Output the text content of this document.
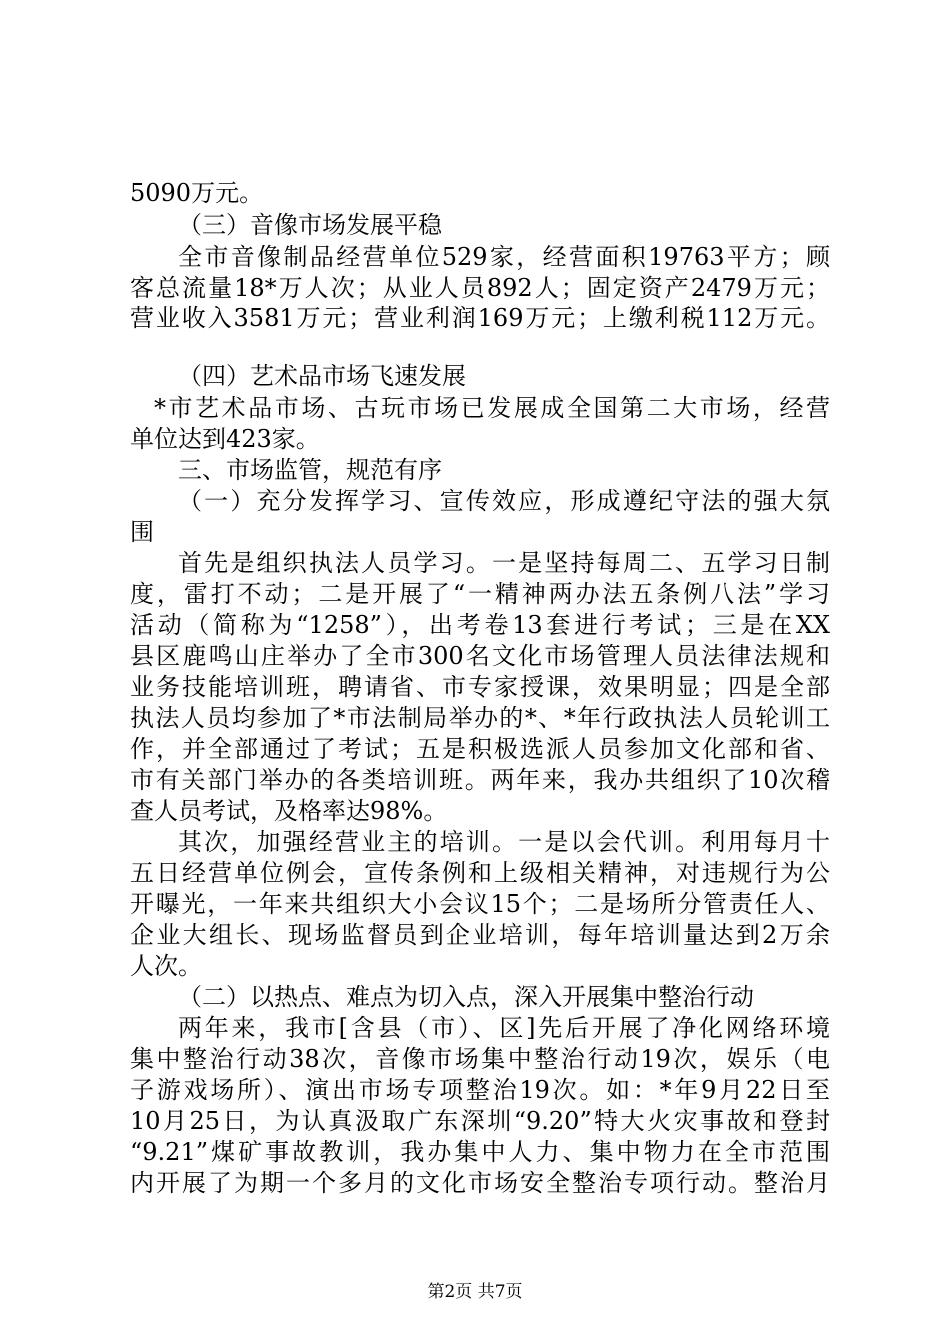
5090万元。
（三）音像市场发展平稳
全市音像制品经营单位529家，经营面积19763平方；顾
客总流量18*万人次；从业人员892人；固定资产2479万元；
营业收入3581万元；营业利润169万元；上缴利税112万元。
（四）艺术品市场飞速发展
*市艺术品市场、古玩市场已发展成全国第二大市场，经营
单位达到423家。
三、市场监管，规范有序
（一）充分发挥学习、宣传效应，形成遵纪守法的强大氛
围
首先是组织执法人员学习。一是坚持每周二、五学习日制
度，雷打不动；二是开展了“一精神两办法五条例八法”学习
活动（简称为“1258”），出考卷13套进行考试；三是在XX
县区鹿鸣山庄举办了全市300名文化市场管理人员法律法规和
业务技能培训班，聘请省、市专家授课，效果明显；四是全部
执法人员均参加了*市法制局举办的*、*年行政执法人员轮训工
作，并全部通过了考试；五是积极选派人员参加文化部和省、
市有关部门举办的各类培训班。两年来，我办共组织了10次稽
查人员考试，及格率达98%。
其次，加强经营业主的培训。一是以会代训。利用每月十
五日经营单位例会，宣传条例和上级相关精神，对违规行为公
开曝光，一年来共组织大小会议15个；二是场所分管责任人、
企业大组长、现场监督员到企业培训，每年培训量达到2万余
人次。
（二）以热点、难点为切入点，深入开展集中整治行动
两年来，我市[含县（市）、区]先后开展了净化网络环境
集中整治行动38次，音像市场集中整治行动19次，娱乐（电
子游戏场所）、演出市场专项整治19次。如：*年9月22日至
10月25日，为认真汲取广东深圳“9.20”特大火灾事故和登封
“9.21”煤矿事故教训，我办集中人力、集中物力在全市范围
内开展了为期一个多月的文化市场安全整治专项行动。整治月
第2页 共7页
